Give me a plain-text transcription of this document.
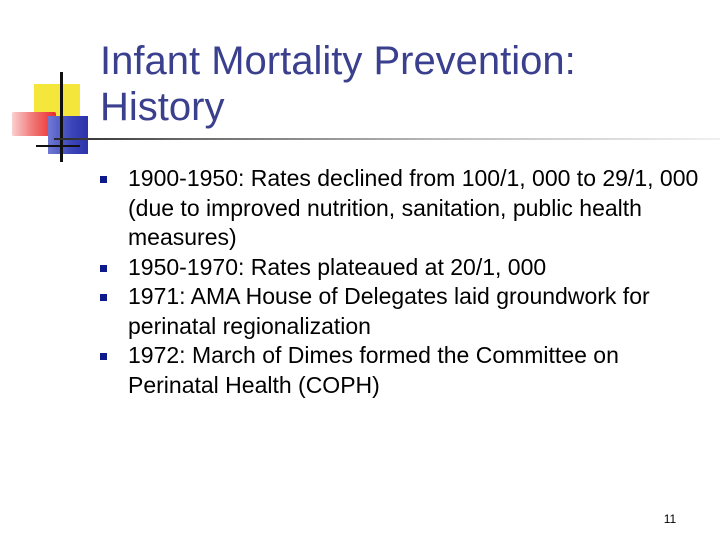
Infant Mortality Prevention: History
1900-1950: Rates declined from 100/1, 000 to 29/1, 000 (due to improved nutrition, sanitation, public health measures)
1950-1970: Rates plateaued at 20/1, 000
1971: AMA House of Delegates laid groundwork for perinatal regionalization
1972: March of Dimes formed the Committee on Perinatal Health (COPH)
11
